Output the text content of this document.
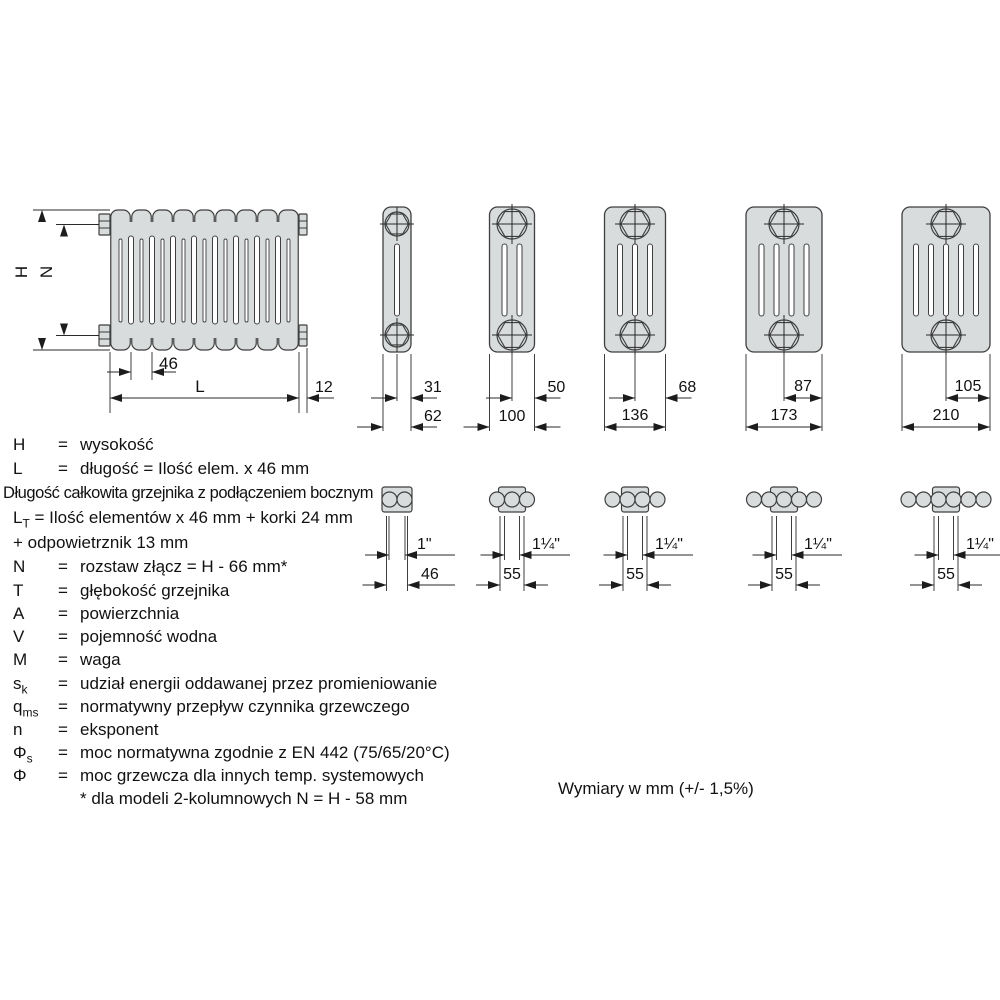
31
62
50
100
68
136
87
173
105
210
1"
46
1¼"
55
1¼"
55
1¼"
55
1¼"
55
H N
46
L	12
H = wysokość
L = długość = Ilość elem. x 46 mm
Długość całkowita grzejnika z podłączeniem bocznym
$L_T$ = Ilość elementów x 46 mm + korki 24 mm
+ odpowietrznik 13 mm
N = rozstaw złącz = H - 66 mm*
T = głębokość grzejnika
A = powierzchnia
V = pojemność wodna
M = waga
$s_k$ = udział energii oddawanej przez promieniowanie
$q_{ms}$ = normatywny przepływ czynnika grzewczego
n = eksponent
$\Phi_s$ = moc normatywna zgodnie z EN 442 (75/65/20°C)
Φ = moc grzewcza dla innych temp. systemowych
* dla modeli 2-kolumnowych N = H - 58 mm
Wymiary w mm (+/- 1,5%)
